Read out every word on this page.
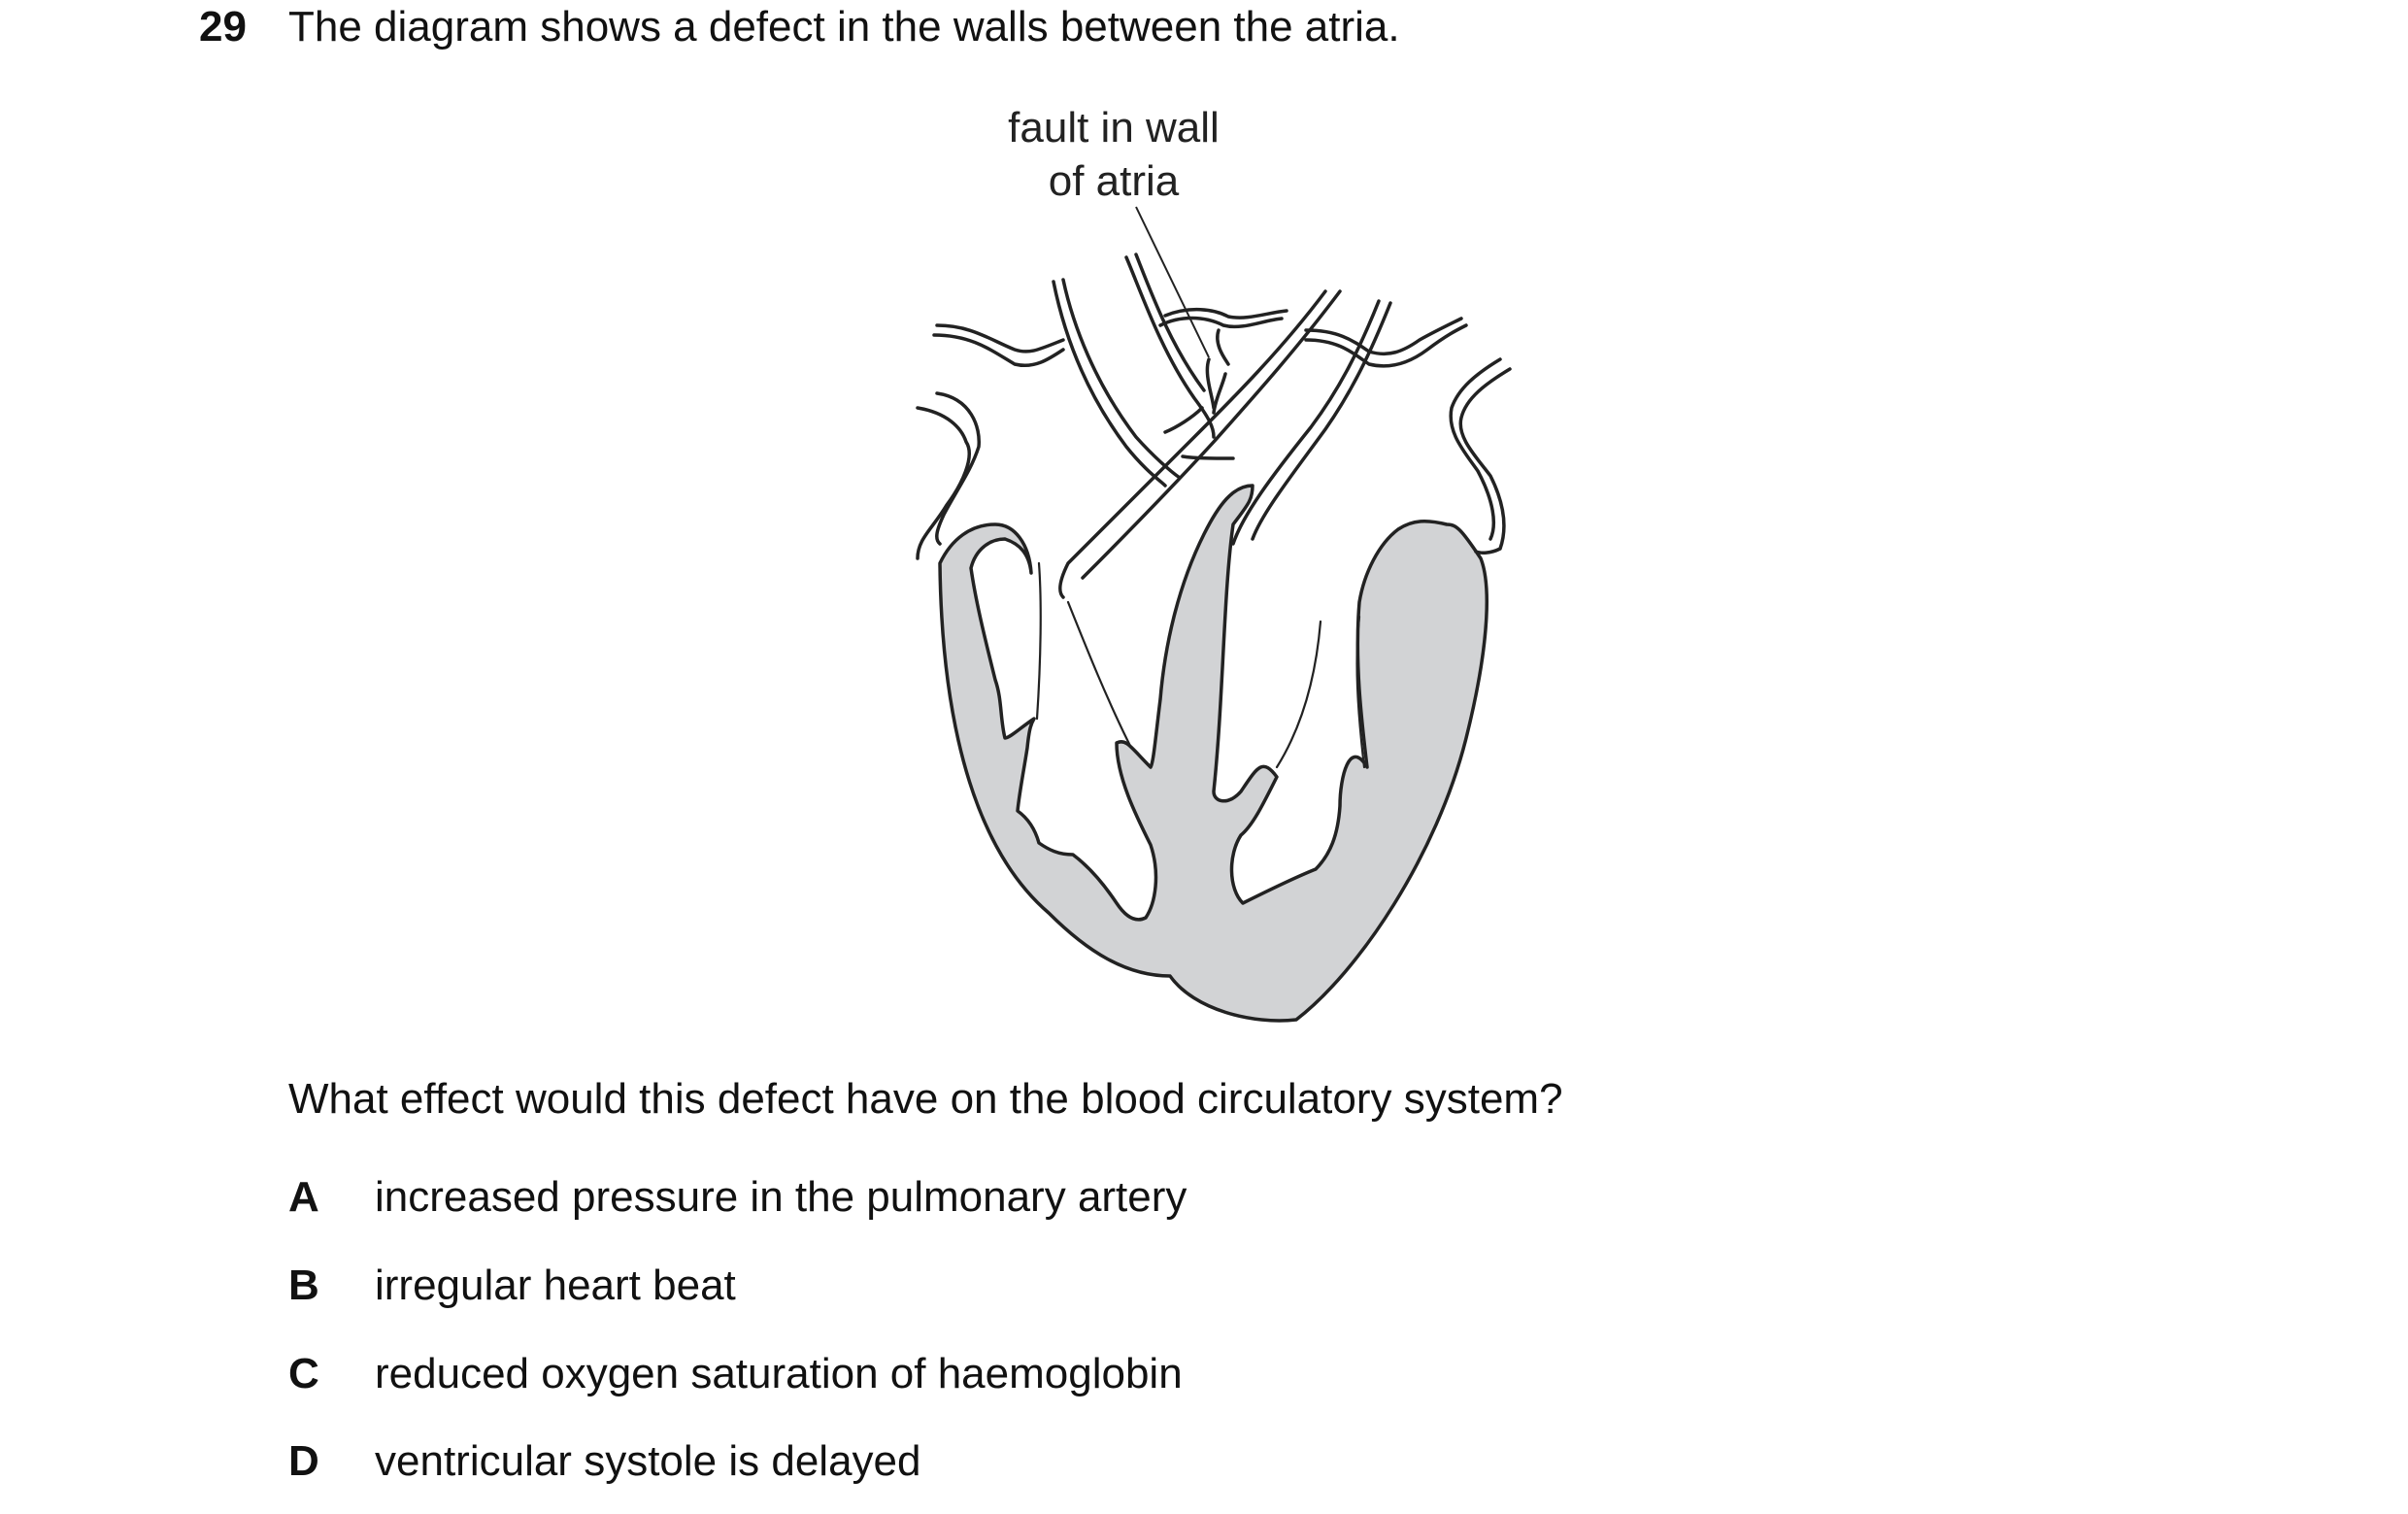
29 The diagram shows a defect in the walls between the atria.
fault in wall
of atria
What effect would this defect have on the blood circulatory system?
A increased pressure in the pulmonary artery
B irregular heart beat
C reduced oxygen saturation of haemoglobin
D ventricular systole is delayed
